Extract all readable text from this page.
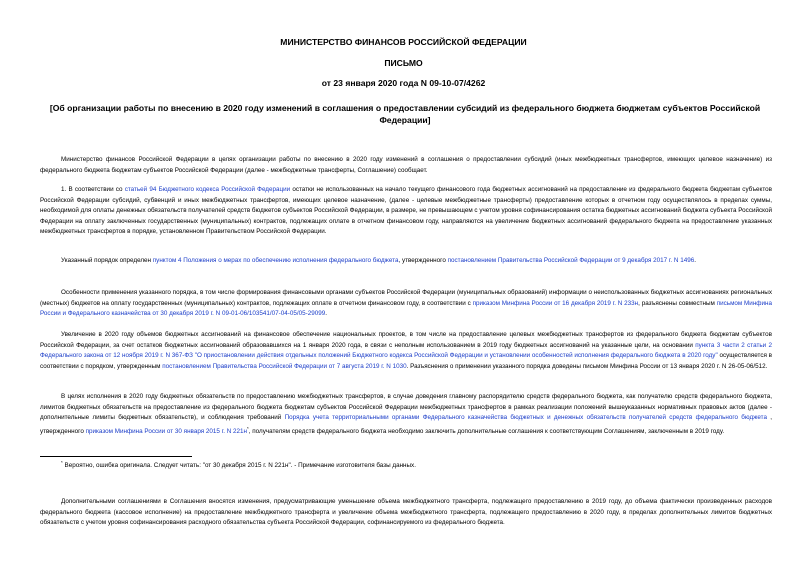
МИНИСТЕРСТВО ФИНАНСОВ РОССИЙСКОЙ ФЕДЕРАЦИИ
ПИСЬМО
от 23 января 2020 года N 09-10-07/4262
[Об организации работы по внесению в 2020 году изменений в соглашения о предоставлении субсидий из федерального бюджета бюджетам субъектов Российской Федерации]

Министерство финансов Российской Федерации в целях организации работы по внесению в 2020 году изменений в соглашения о предоставлении субсидий (иных межбюджетных трансфертов, имеющих целевое назначение) из федерального бюджета бюджетам субъектов Российской Федерации (далее - межбюджетные трансферты, Соглашение) сообщает.

1. В соответствии со статьей 94 Бюджетного кодекса Российской Федерации остатки не использованных на начало текущего финансового года бюджетных ассигнований на предоставление из федерального бюджета бюджетам субъектов Российской Федерации субсидий, субвенций и иных межбюджетных трансфертов, имеющих целевое назначение, (далее - целевые межбюджетные трансферты) предоставление которых в отчетном году осуществлялось в пределах суммы, необходимой для оплаты денежных обязательств получателей средств бюджетов субъектов Российской Федерации, в размере, не превышающем с учетом уровня софинансирования остатка бюджетных ассигнований бюджета субъекта Российской Федерации на оплату заключенных государственных (муниципальных) контрактов, подлежащих оплате в отчетном финансовом году, направляются на увеличение бюджетных ассигнований федерального бюджета на предоставление указанных межбюджетных трансфертов в порядке, установленном Правительством Российской Федерации.

Указанный порядок определен пунктом 4 Положения о мерах по обеспечению исполнения федерального бюджета, утвержденного постановлением Правительства Российской Федерации от 9 декабря 2017 г. N 1496.

Особенности применения указанного порядка, в том числе формирования финансовыми органами субъектов Российской Федерации (муниципальных образований) информации о неиспользованных бюджетных ассигнованиях региональных (местных) бюджетов на оплату государственных (муниципальных) контрактов, подлежащих оплате в отчетном финансовом году, в соответствии с приказом Минфина России от 16 декабря 2019 г. N 233н, разъяснены совместным письмом Минфина России и Федерального казначейства от 30 декабря 2019 г. N 09-01-06/103541/07-04-05/05-29099.

Увеличение в 2020 году объемов бюджетных ассигнований на финансовое обеспечение национальных проектов, в том числе на предоставление целевых межбюджетных трансфертов из федерального бюджета бюджетам субъектов Российской Федерации, за счет остатков бюджетных ассигнований образовавшихся на 1 января 2020 года, в связи с неполным использованием в 2019 году бюджетных ассигнований на указанные цели, на основании пункта 3 части 2 статьи 2 Федерального закона от 12 ноября 2019 г. N 367-ФЗ "О приостановлении действия отдельных положений Бюджетного кодекса Российской Федерации и установлении особенностей исполнения федерального бюджета в 2020 году" осуществляется в соответствии с порядком, утвержденным постановлением Правительства Российской Федерации от 7 августа 2019 г. N 1030. Разъяснения о применении указанного порядка доведены письмом Минфина России от 13 января 2020 г. N 26-05-06/512.

В целях исполнения в 2020 году бюджетных обязательств по предоставлению межбюджетных трансфертов, в случае доведения главному распорядителю средств федерального бюджета, как получателю средств федерального бюджета, лимитов бюджетных обязательств на предоставление из федерального бюджета бюджетам субъектов Российской Федерации межбюджетных трансфертов в рамках реализации положений вышеуказанных нормативных правовых актов (далее - дополнительные лимиты бюджетных обязательств), и соблюдения требований Порядка учета территориальными органами Федерального казначейства бюджетных и денежных обязательств получателей средств федерального бюджета , утвержденного приказом Минфина России от 30 января 2015 г. N 221н*, получателям средств федерального бюджета необходимо заключить дополнительные соглашения к соответствующим Соглашениям, заключенным в 2019 году.

* Вероятно, ошибка оригинала. Следует читать: "от 30 декабря 2015 г. N 221н". - Примечание изготовителя базы данных.

Дополнительными соглашениями в Соглашения вносятся изменения, предусматривающие уменьшение объема межбюджетного трансферта, подлежащего предоставлению в 2019 году, до объема фактически произведенных расходов федерального бюджета (кассовое исполнение) на предоставление межбюджетного трансферта и увеличение объема межбюджетного трансферта, подлежащего предоставлению в 2020 году, в пределах дополнительных лимитов бюджетных обязательств с учетом уровня софинансирования расходного обязательства субъекта Российской Федерации, софинансируемого из федерального бюджета.
